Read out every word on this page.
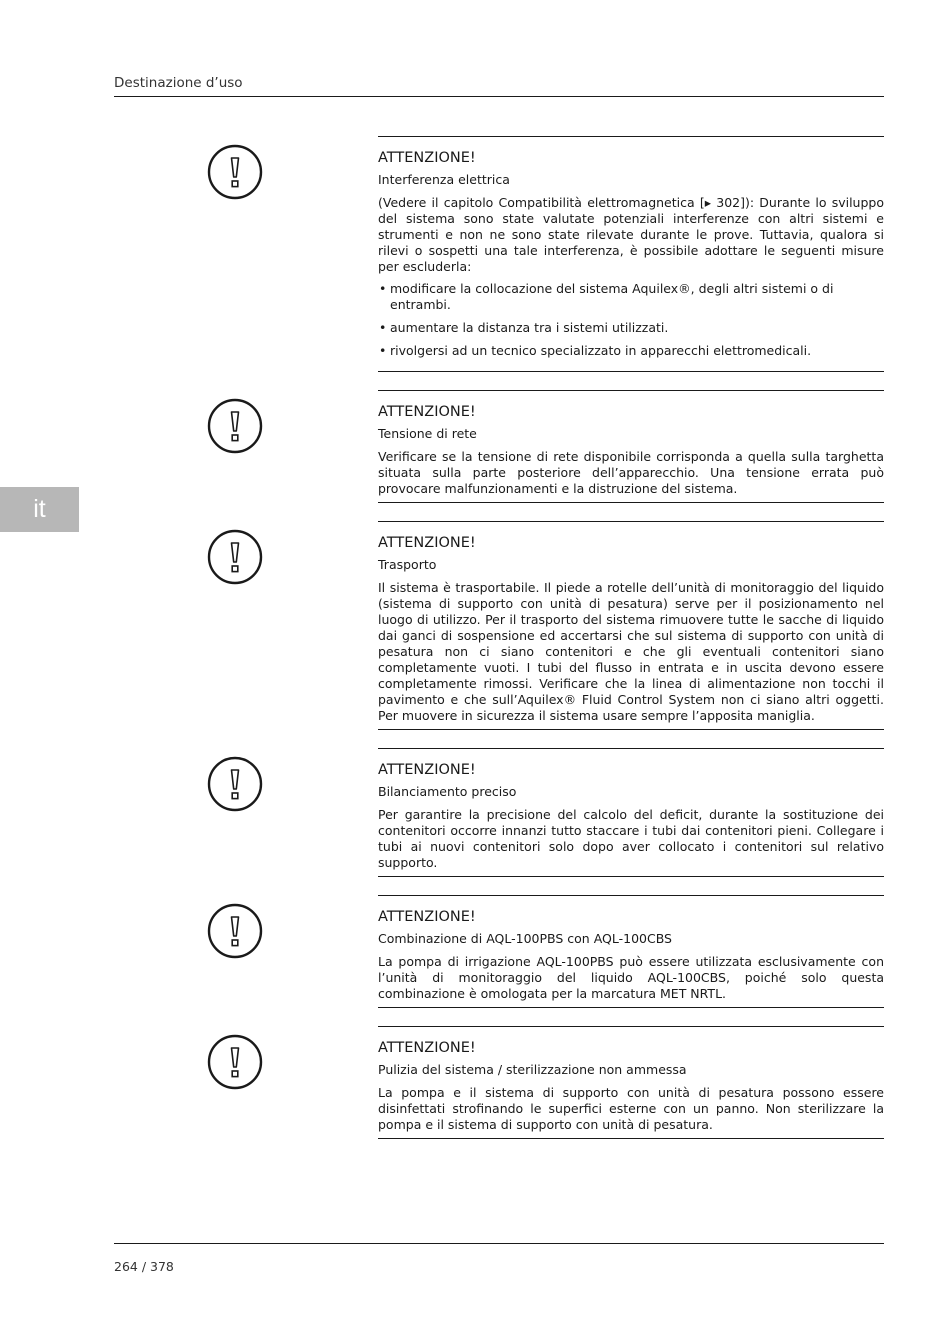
Destinazione d’uso
it
ATTENZIONE!
Interferenza elettrica
(Vedere il capitolo Compatibilità elettromagnetica [▸ 302]): Durante lo sviluppo del sistema sono state valutate potenziali interferenze con altri sistemi e strumenti e non ne sono state rilevate durante le prove. Tuttavia, qualora si rilevi o sospetti una tale interferenza, è possibile adottare le seguenti misure per escluderla:
• modificare la collocazione del sistema Aquilex®, degli altri sistemi o di entrambi.
• aumentare la distanza tra i sistemi utilizzati.
• rivolgersi ad un tecnico specializzato in apparecchi elettromedicali.
ATTENZIONE!
Tensione di rete
Verificare se la tensione di rete disponibile corrisponda a quella sulla targhetta situata sulla parte posteriore dell’apparecchio. Una tensione errata può provocare malfunzionamenti e la distruzione del sistema.
ATTENZIONE!
Trasporto
Il sistema è trasportabile. Il piede a rotelle dell’unità di monitoraggio del liquido (sistema di supporto con unità di pesatura) serve per il posizionamento nel luogo di utilizzo. Per il trasporto del sistema rimuovere tutte le sacche di liquido dai ganci di sospensione ed accertarsi che sul sistema di supporto con unità di pesatura non ci siano contenitori e che gli eventuali contenitori siano completamente vuoti. I tubi del flusso in entrata e in uscita devono essere completamente rimossi. Verificare che la linea di alimentazione non tocchi il pavimento e che sull’Aquilex® Fluid Control System non ci siano altri oggetti. Per muovere in sicurezza il sistema usare sempre l’apposita maniglia.
ATTENZIONE!
Bilanciamento preciso
Per garantire la precisione del calcolo del deficit, durante la sostituzione dei contenitori occorre innanzi tutto staccare i tubi dai contenitori pieni. Collegare i tubi ai nuovi contenitori solo dopo aver collocato i contenitori sul relativo supporto.
ATTENZIONE!
Combinazione di AQL-100PBS con AQL-100CBS
La pompa di irrigazione AQL-100PBS può essere utilizzata esclusivamente con l’unità di monitoraggio del liquido AQL-100CBS, poiché solo questa combinazione è omologata per la marcatura MET NRTL.
ATTENZIONE!
Pulizia del sistema / sterilizzazione non ammessa
La pompa e il sistema di supporto con unità di pesatura possono essere disinfettati strofinando le superfici esterne con un panno. Non sterilizzare la pompa e il sistema di supporto con unità di pesatura.
264 / 378
